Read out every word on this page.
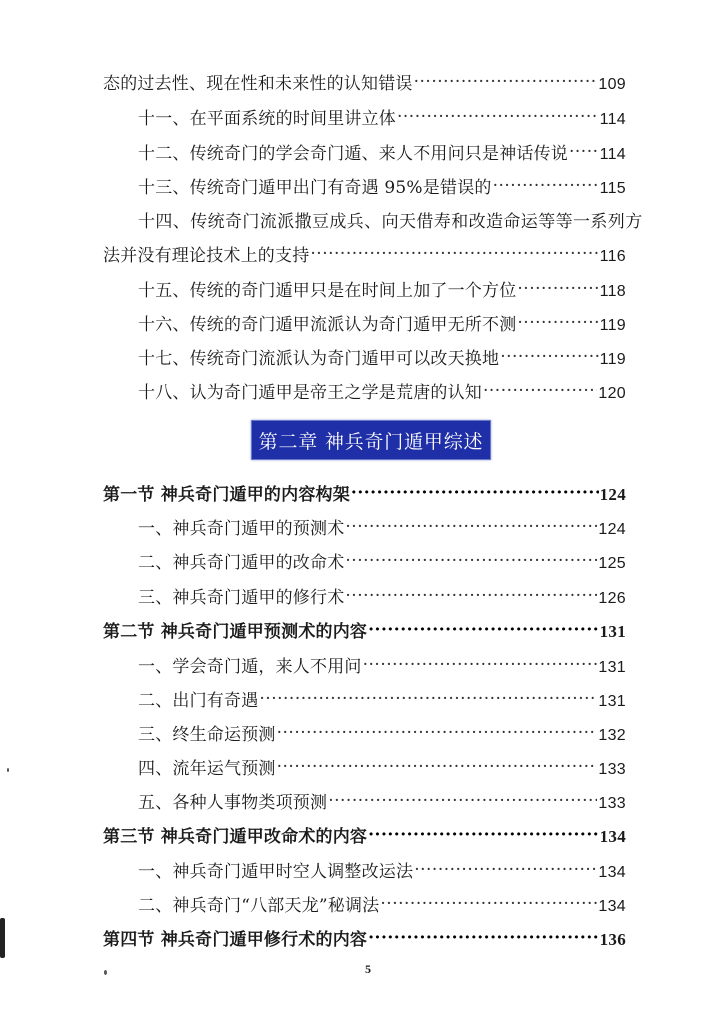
态的过去性、现在性和未来性的认知错误 ·····	109
十一、在平面系统的时间里讲立体 ·····	114
十二、传统奇门的学会奇门遁、来人不用问只是神话传说 ····· 114
十三、传统奇门遁甲出门有奇遇 95%是错误的 ·····	115
十四、传统奇门流派撒豆成兵、向天借寿和改造命运等等一系列方
法并没有理论技术上的支持 ·····	116
十五、传统的奇门遁甲只是在时间上加了一个方位 ·····	118
十六、传统的奇门遁甲流派认为奇门遁甲无所不测 ·····	119
十七、传统奇门流派认为奇门遁甲可以改天换地 ·····	119
十八、认为奇门遁甲是帝王之学是荒唐的认知 ·····	120
第二章 神兵奇门遁甲综述
第一节 神兵奇门遁甲的内容构架 ·····	124
一、神兵奇门遁甲的预测术 ·····	124
二、神兵奇门遁甲的改命术 ·····	125
三、神兵奇门遁甲的修行术 ·····	126
第二节 神兵奇门遁甲预测术的内容 ·····	131
一、学会奇门遁，来人不用问 ·····	131
二、出门有奇遇 ·····	131
三、终生命运预测 ·····	132
四、流年运气预测 ·····	133
五、各种人事物类项预测 ·····	133
第三节 神兵奇门遁甲改命术的内容 ·····	134
一、神兵奇门遁甲时空人调整改运法 ·····	134
二、神兵奇门“八部天龙”秘调法 ·····	134
第四节 神兵奇门遁甲修行术的内容 ·····	136
5
